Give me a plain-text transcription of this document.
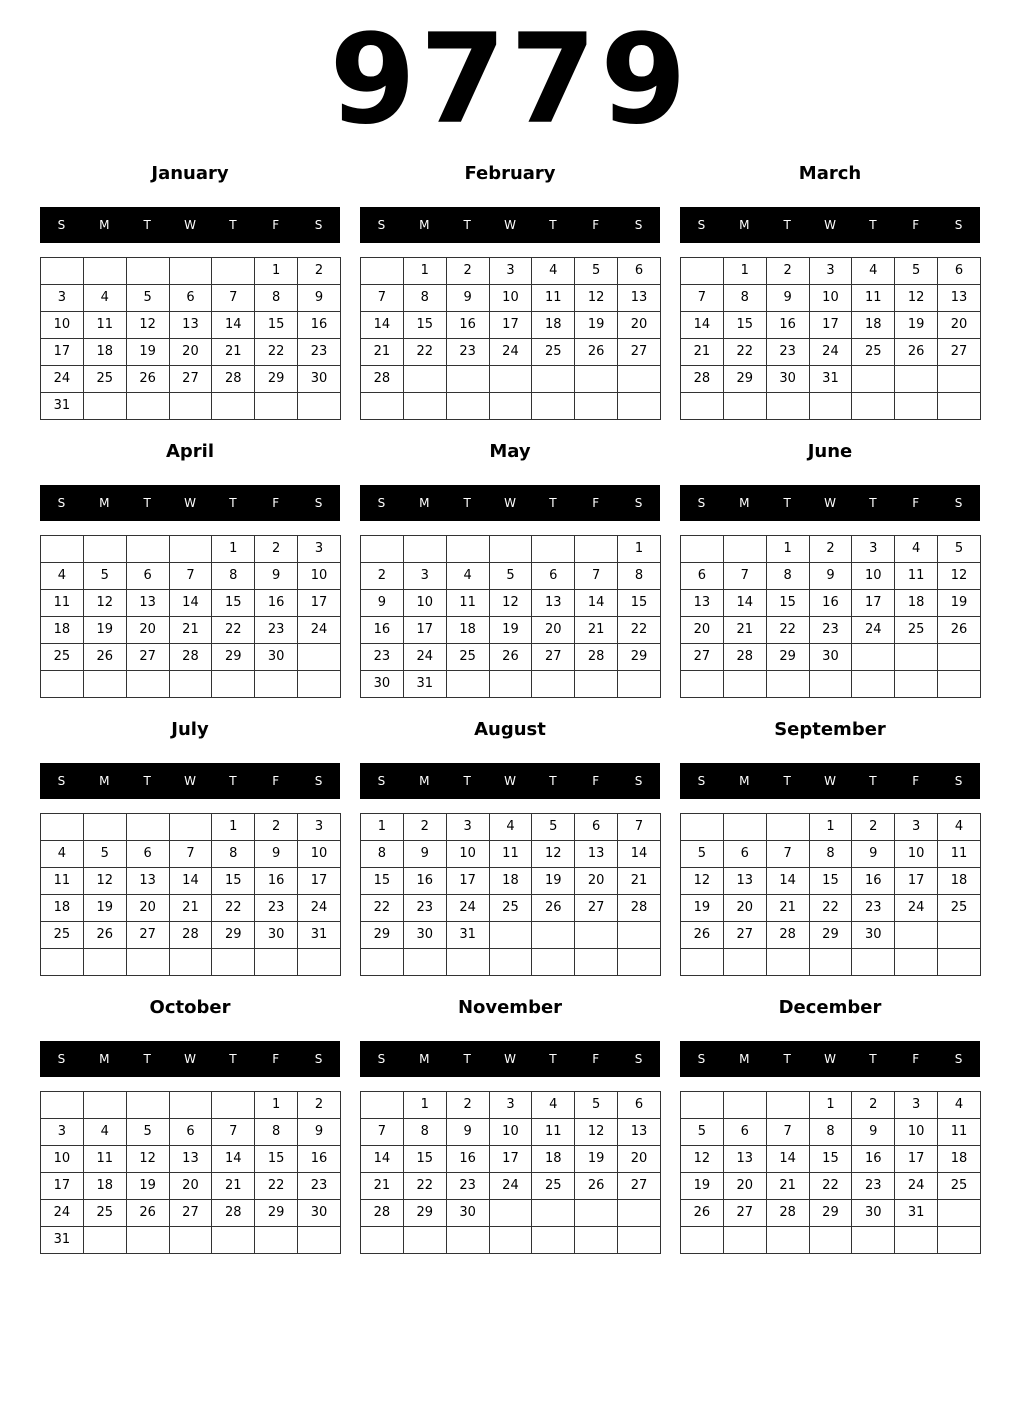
9779
January
S	M	T	W	T	F	S
					1	2
3	4	5	6	7	8	9
10	11	12	13	14	15	16
17	18	19	20	21	22	23
24	25	26	27	28	29	30
31						
February
S	M	T	W	T	F	S
	1	2	3	4	5	6
7	8	9	10	11	12	13
14	15	16	17	18	19	20
21	22	23	24	25	26	27
28						

March
S	M	T	W	T	F	S
	1	2	3	4	5	6
7	8	9	10	11	12	13
14	15	16	17	18	19	20
21	22	23	24	25	26	27
28	29	30	31			

April
S	M	T	W	T	F	S
				1	2	3
4	5	6	7	8	9	10
11	12	13	14	15	16	17
18	19	20	21	22	23	24
25	26	27	28	29	30	

May
S	M	T	W	T	F	S
						1
2	3	4	5	6	7	8
9	10	11	12	13	14	15
16	17	18	19	20	21	22
23	24	25	26	27	28	29
30	31					
June
S	M	T	W	T	F	S
		1	2	3	4	5
6	7	8	9	10	11	12
13	14	15	16	17	18	19
20	21	22	23	24	25	26
27	28	29	30			

July
S	M	T	W	T	F	S
				1	2	3
4	5	6	7	8	9	10
11	12	13	14	15	16	17
18	19	20	21	22	23	24
25	26	27	28	29	30	31

August
S	M	T	W	T	F	S
1	2	3	4	5	6	7
8	9	10	11	12	13	14
15	16	17	18	19	20	21
22	23	24	25	26	27	28
29	30	31				

September
S	M	T	W	T	F	S
			1	2	3	4
5	6	7	8	9	10	11
12	13	14	15	16	17	18
19	20	21	22	23	24	25
26	27	28	29	30		

October
S	M	T	W	T	F	S
					1	2
3	4	5	6	7	8	9
10	11	12	13	14	15	16
17	18	19	20	21	22	23
24	25	26	27	28	29	30
31						
November
S	M	T	W	T	F	S
	1	2	3	4	5	6
7	8	9	10	11	12	13
14	15	16	17	18	19	20
21	22	23	24	25	26	27
28	29	30				

December
S	M	T	W	T	F	S
			1	2	3	4
5	6	7	8	9	10	11
12	13	14	15	16	17	18
19	20	21	22	23	24	25
26	27	28	29	30	31	
